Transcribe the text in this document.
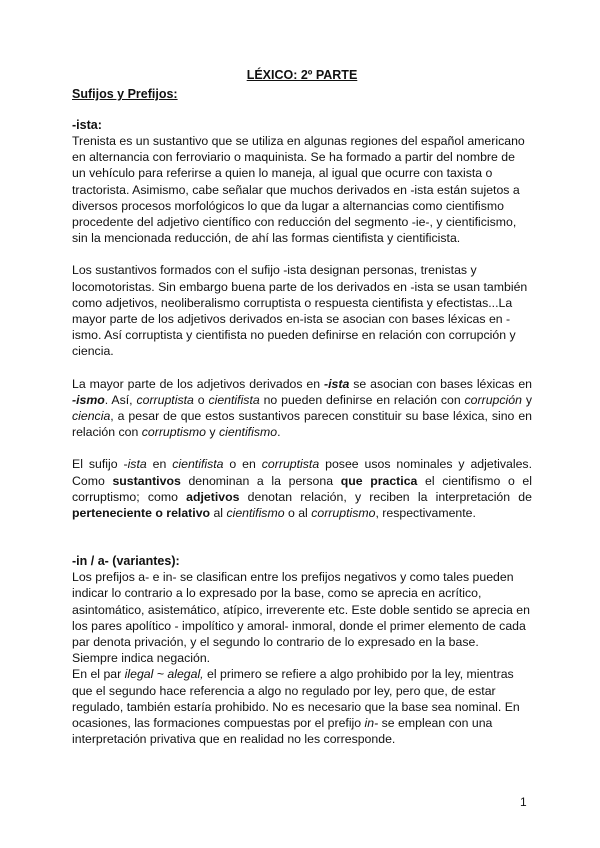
LÉXICO: 2º PARTE

Sufijos y Prefijos:

-ista:

Trenista es un sustantivo que se utiliza en algunas regiones del español americano en alternancia con ferroviario o maquinista. Se ha formado a partir del nombre de un vehículo para referirse a quien lo maneja, al igual que ocurre con taxista o tractorista. Asimismo, cabe señalar que muchos derivados en -ista están sujetos a diversos procesos morfológicos lo que da lugar a alternancias como cientifismo procedente del adjetivo científico con reducción del segmento -ie-, y cientificismo, sin la mencionada reducción, de ahí las formas cientifista y cientificista.

Los sustantivos formados con el sufijo -ista designan personas, trenistas y locomotoristas. Sin embargo buena parte de los derivados en -ista se usan también como adjetivos, neoliberalismo corruptista o respuesta cientifista y efectistas...La mayor parte de los adjetivos derivados en-ista se asocian con bases léxicas en -ismo. Así corruptista y cientifista no pueden definirse en relación con corrupción y ciencia.

La mayor parte de los adjetivos derivados en -ista se asocian con bases léxicas en -ismo. Así, corruptista o cientifista no pueden definirse en relación con corrupción y ciencia, a pesar de que estos sustantivos parecen constituir su base léxica, sino en relación con corruptismo y cientifismo.

El sufijo -ista en cientifista o en corruptista posee usos nominales y adjetivales. Como sustantivos denominan a la persona que practica el cientifismo o el corruptismo; como adjetivos denotan relación, y reciben la interpretación de perteneciente o relativo al cientifismo o al corruptismo, respectivamente.

-in / a- (variantes):

Los prefijos a- e in- se clasifican entre los prefijos negativos y como tales pueden indicar lo contrario a lo expresado por la base, como se aprecia en acrítico, asintomático, asistemático, atípico, irreverente etc. Este doble sentido se aprecia en los pares apolítico - impolítico y amoral- inmoral, donde el primer elemento de cada par denota privación, y el segundo lo contrario de lo expresado en la base.

Siempre indica negación.

En el par ilegal ~ alegal, el primero se refiere a algo prohibido por la ley, mientras que el segundo hace referencia a algo no regulado por ley, pero que, de estar regulado, también estaría prohibido. No es necesario que la base sea nominal. En ocasiones, las formaciones compuestas por el prefijo in- se emplean con una interpretación privativa que en realidad no les corresponde.

1
